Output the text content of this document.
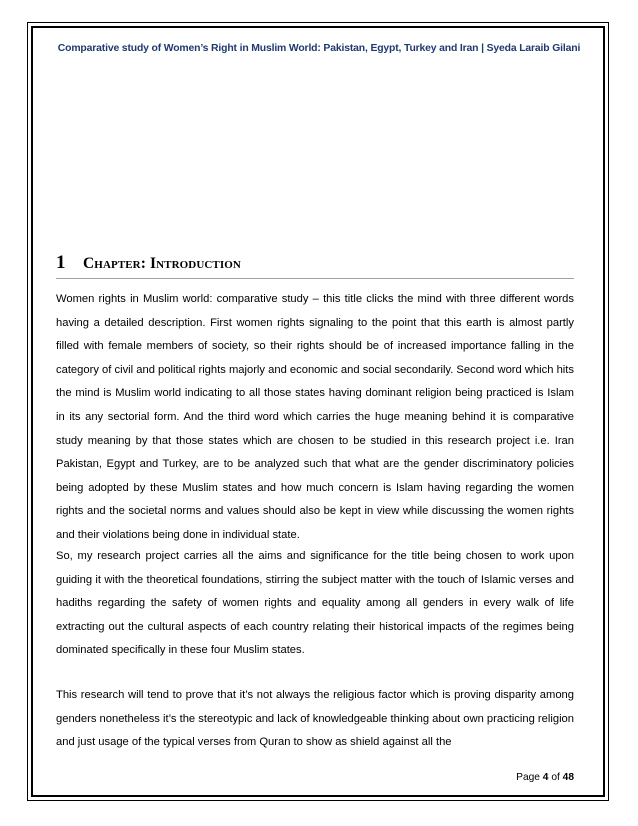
Comparative study of Women’s Right in Muslim World: Pakistan, Egypt, Turkey and Iran | Syeda Laraib Gilani
1 Chapter: Introduction

Women rights in Muslim world: comparative study – this title clicks the mind with three different words having a detailed description. First women rights signaling to the point that this earth is almost partly filled with female members of society, so their rights should be of increased importance falling in the category of civil and political rights majorly and economic and social secondarily. Second word which hits the mind is Muslim world indicating to all those states having dominant religion being practiced is Islam in its any sectorial form. And the third word which carries the huge meaning behind it is comparative study meaning by that those states which are chosen to be studied in this research project i.e. Iran Pakistan, Egypt and Turkey, are to be analyzed such that what are the gender discriminatory policies being adopted by these Muslim states and how much concern is Islam having regarding the women rights and the societal norms and values should also be kept in view while discussing the women rights and their violations being done in individual state.

So, my research project carries all the aims and significance for the title being chosen to work upon guiding it with the theoretical foundations, stirring the subject matter with the touch of Islamic verses and hadiths regarding the safety of women rights and equality among all genders in every walk of life extracting out the cultural aspects of each country relating their historical impacts of the regimes being dominated specifically in these four Muslim states.

This research will tend to prove that it’s not always the religious factor which is proving disparity among genders nonetheless it’s the stereotypic and lack of knowledgeable thinking about own practicing religion and just usage of the typical verses from Quran to show as shield against all the

Page 4 of 48
